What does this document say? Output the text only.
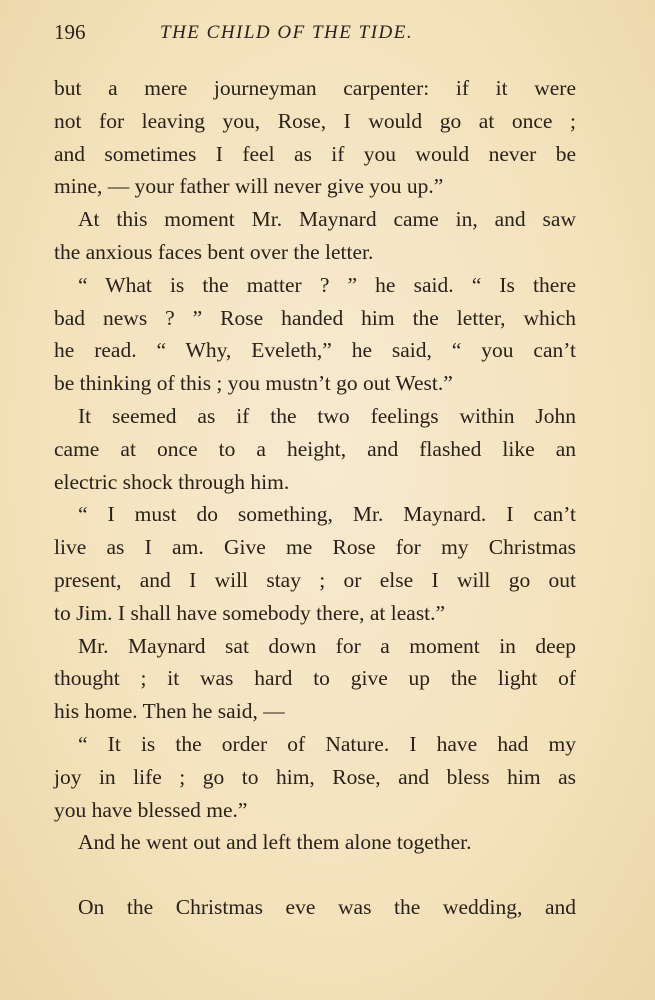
196	THE CHILD OF THE TIDE.
but a mere journeyman carpenter: if it were
not for leaving you, Rose, I would go at once ;
and sometimes I feel as if you would never be
mine, — your father will never give you up.”
At this moment Mr. Maynard came in, and saw
the anxious faces bent over the letter.
“ What is the matter ? ” he said. “ Is there
bad news ? ” Rose handed him the letter, which
he read. “ Why, Eveleth,” he said, “ you can’t
be thinking of this ; you mustn’t go out West.”
It seemed as if the two feelings within John
came at once to a height, and flashed like an
electric shock through him.
“ I must do something, Mr. Maynard. I can’t
live as I am. Give me Rose for my Christmas
present, and I will stay ; or else I will go out
to Jim. I shall have somebody there, at least.”
Mr. Maynard sat down for a moment in deep
thought ; it was hard to give up the light of
his home. Then he said, —
“ It is the order of Nature. I have had my
joy in life ; go to him, Rose, and bless him as
you have blessed me.”
And he went out and left them alone together.
On the Christmas eve was the wedding, and
